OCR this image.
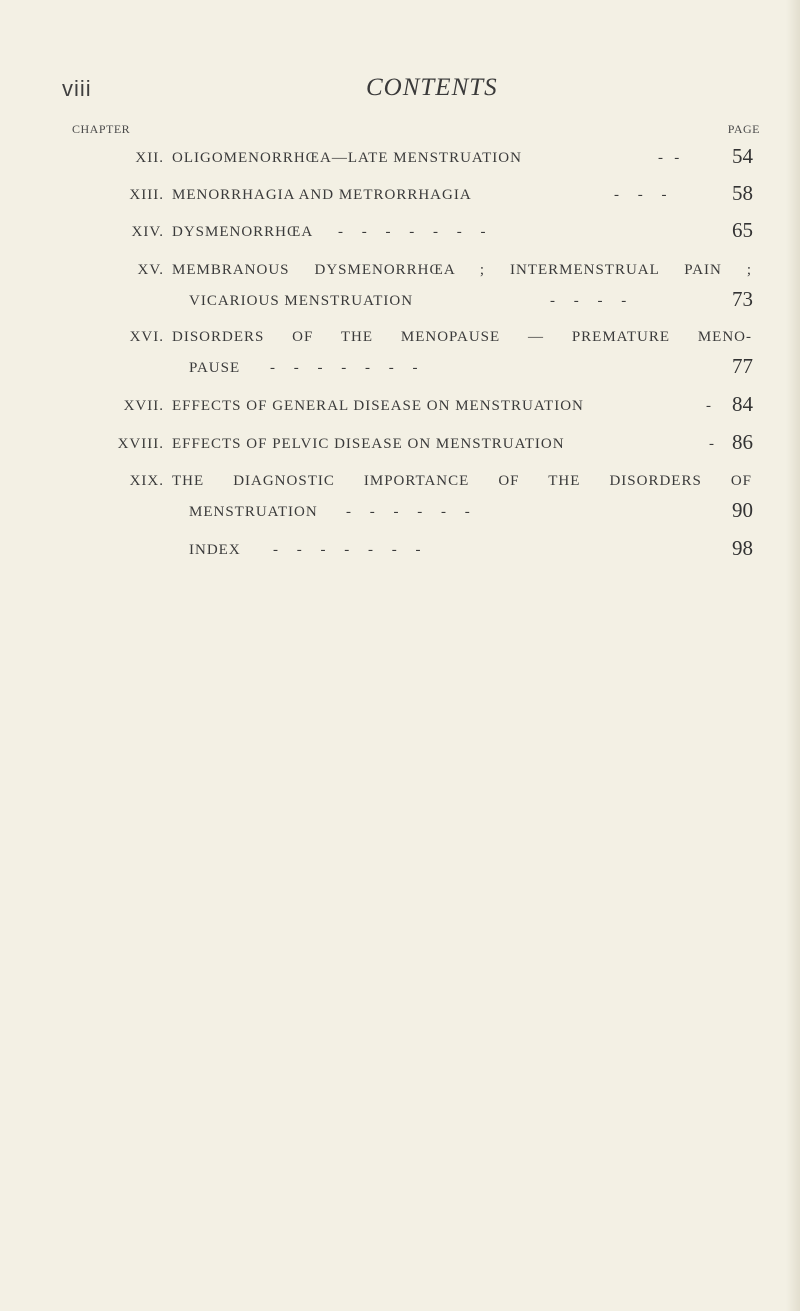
viii	CONTENTS
CHAPTER	PAGE
XII. OLIGOMENORRHŒA—LATE MENSTRUATION	-   -	54
XIII. MENORRHAGIA AND METRORRHAGIA	-     -     -	58
XIV. DYSMENORRHŒA -     -     -     -     -     -     -	65
XV. MEMBRANOUS DYSMENORRHŒA ; INTERMENSTRUAL PAIN ;
VICARIOUS MENSTRUATION	-     -     -     -	73
XVI. DISORDERS OF THE MENOPAUSE — PREMATURE MENO-
PAUSE -     -     -     -     -     -     -	77
XVII. EFFECTS OF GENERAL DISEASE ON MENSTRUATION	- 84
XVIII. EFFECTS OF PELVIC DISEASE ON MENSTRUATION	- 86
XIX. THE DIAGNOSTIC IMPORTANCE OF THE DISORDERS OF
MENSTRUATION -     -     -     -     -     -	90
INDEX -     -     -     -     -     -     -	98
